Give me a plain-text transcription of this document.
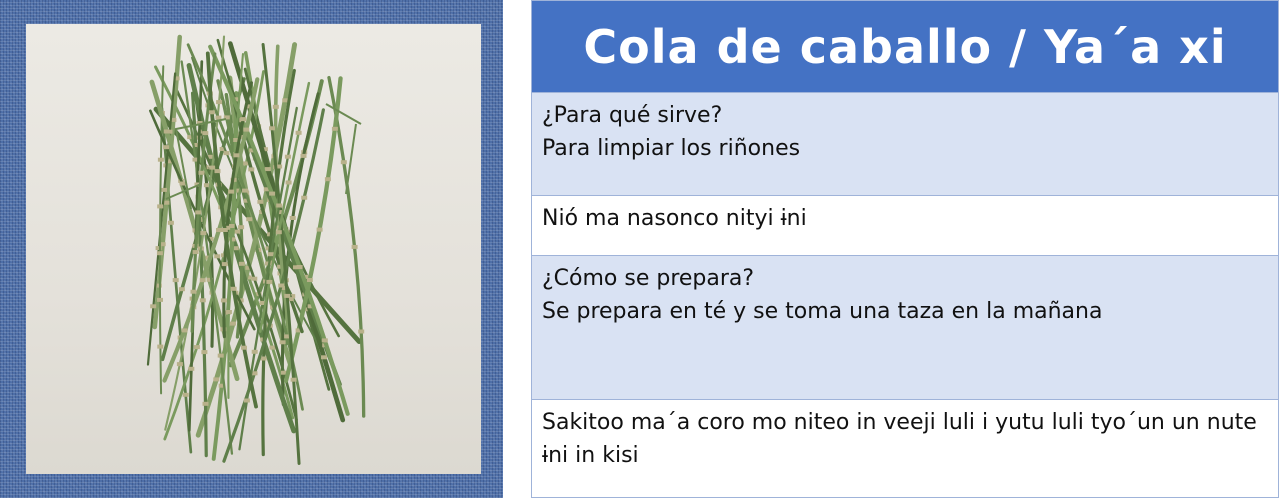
Cola de caballo / Ya´a xi
¿Para qué sirve?
Para limpiar los riñones
Nió ma nasonco nityi ɨni
¿Cómo se prepara?
Se prepara en té y se toma una taza en la mañana
Sakitoo ma´a coro mo niteo in veeji luli i yutu luli tyo´un un nute ɨni in kisi
